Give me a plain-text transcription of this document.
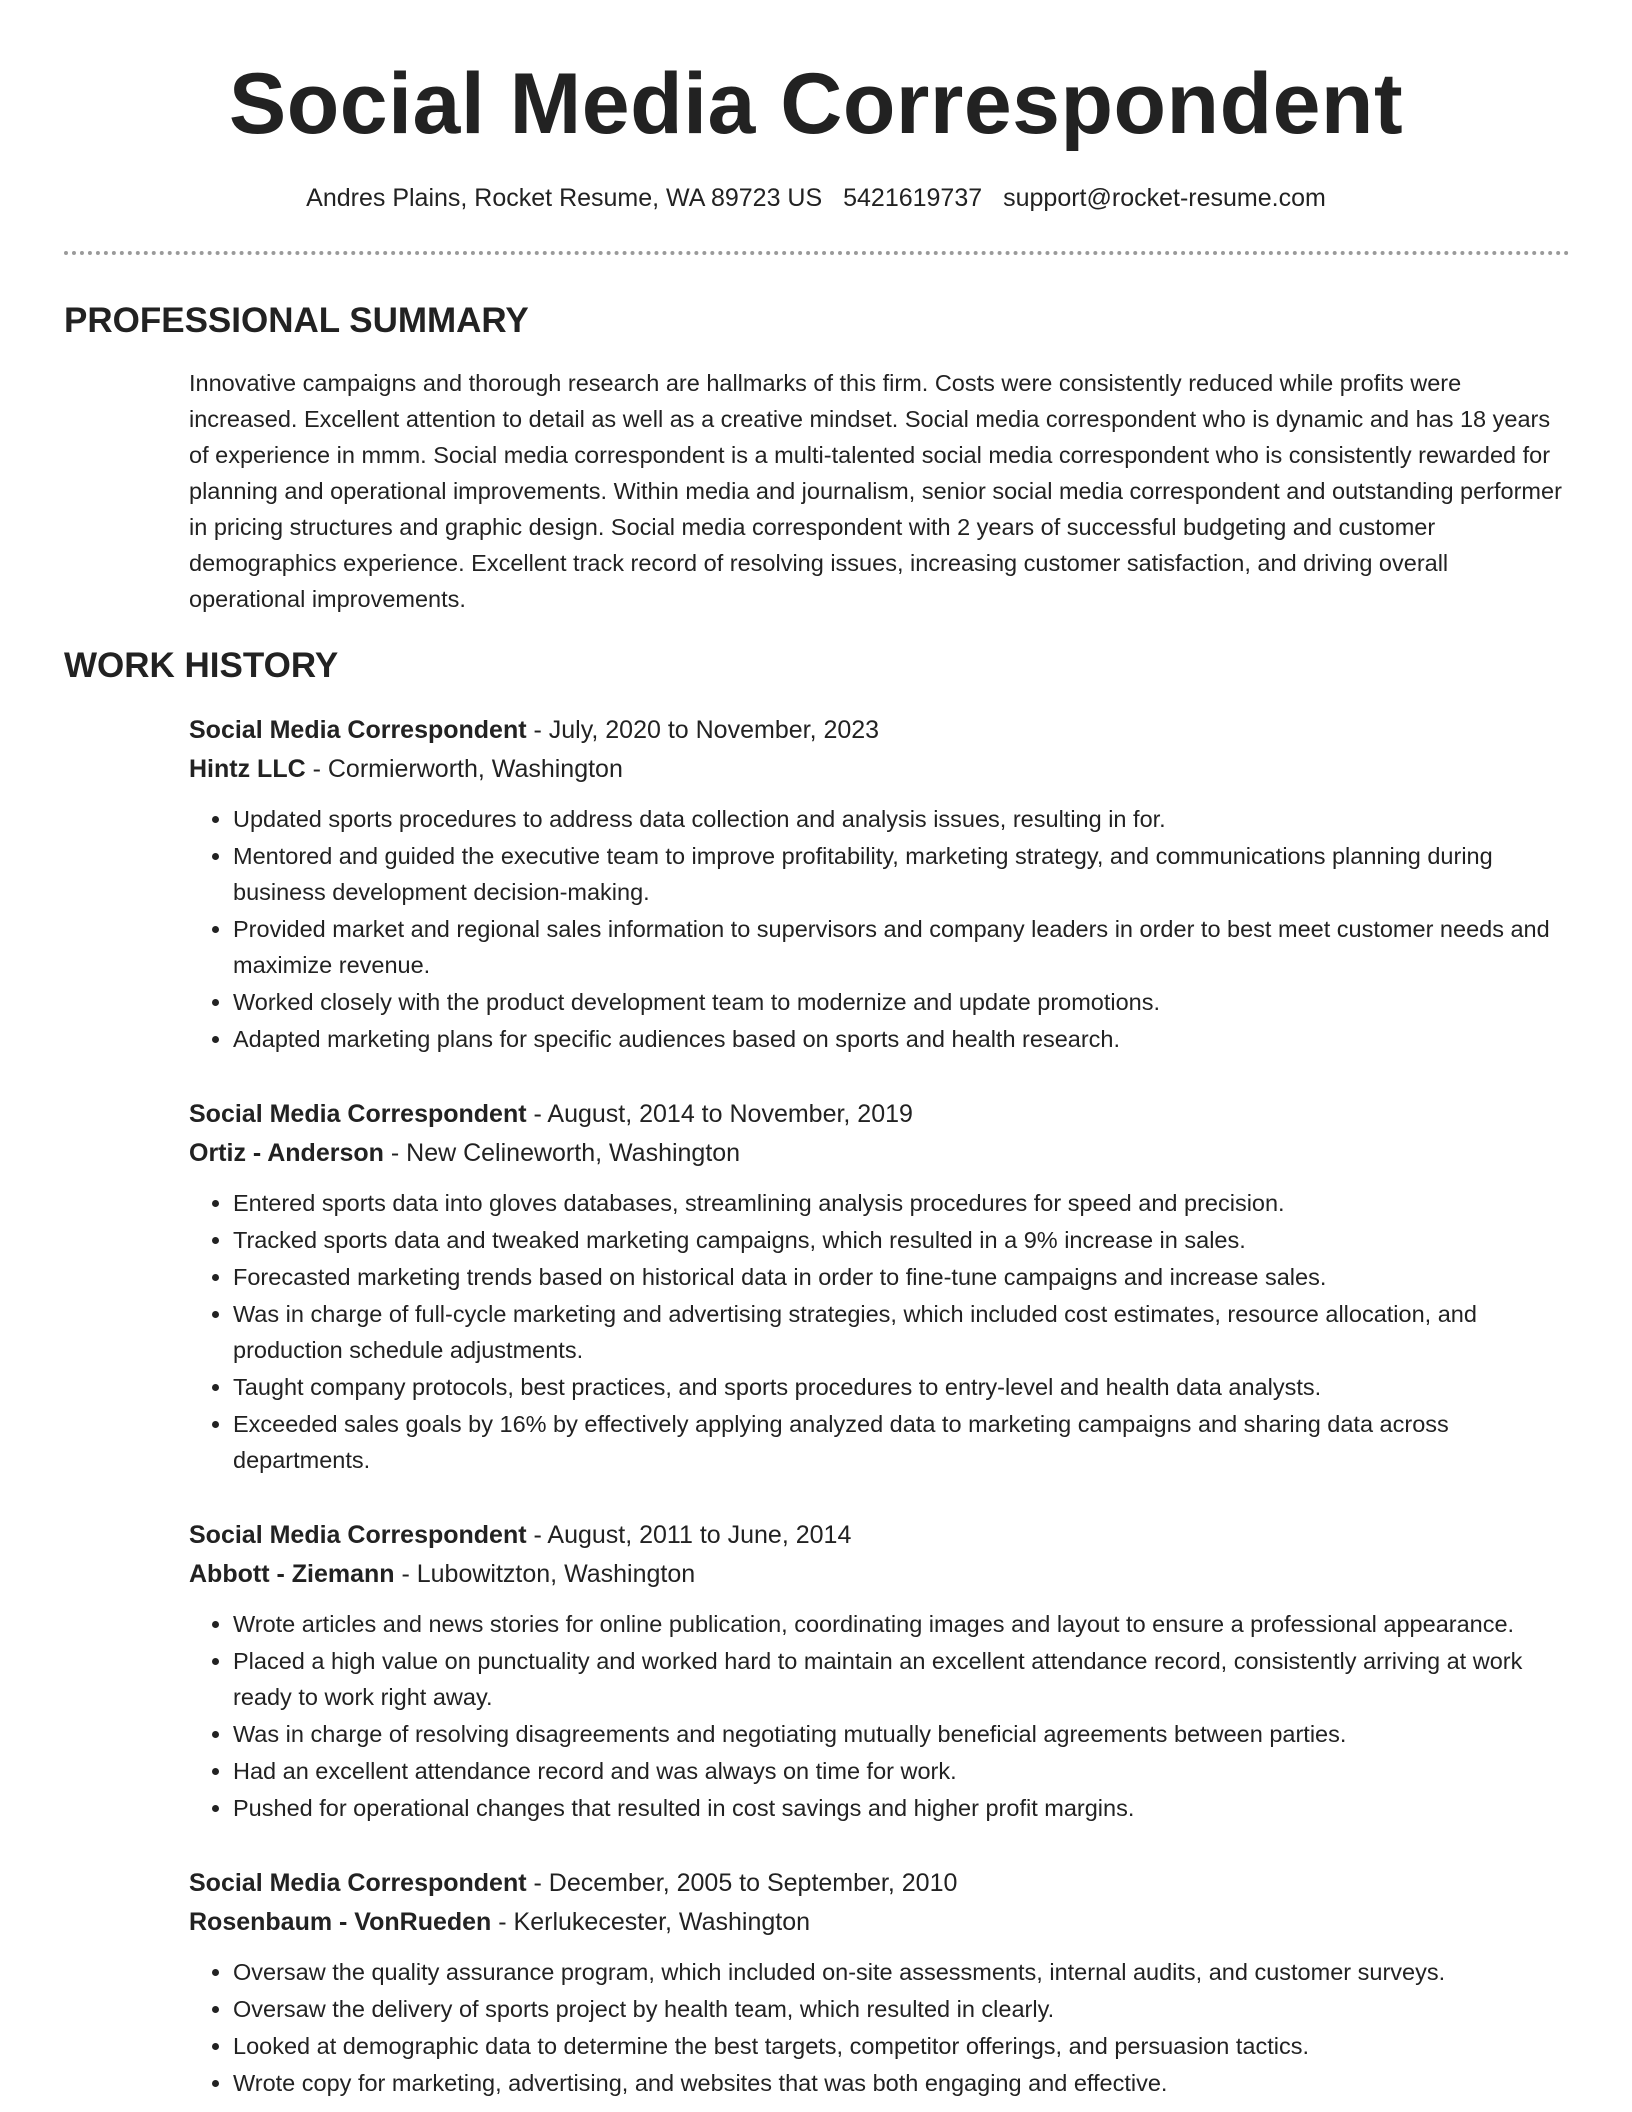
Social Media Correspondent
Andres Plains, Rocket Resume, WA 89723 US 5421619737 support@rocket-resume.com
PROFESSIONAL SUMMARY

Innovative campaigns and thorough research are hallmarks of this firm. Costs were consistently reduced while profits were increased. Excellent attention to detail as well as a creative mindset. Social media correspondent who is dynamic and has 18 years of experience in mmm. Social media correspondent is a multi-talented social media correspondent who is consistently rewarded for planning and operational improvements. Within media and journalism, senior social media correspondent and outstanding performer in pricing structures and graphic design. Social media correspondent with 2 years of successful budgeting and customer demographics experience. Excellent track record of resolving issues, increasing customer satisfaction, and driving overall operational improvements.

WORK HISTORY
Social Media Correspondent - July, 2020 to November, 2023
Hintz LLC - Cormierworth, Washington
• Updated sports procedures to address data collection and analysis issues, resulting in for.
• Mentored and guided the executive team to improve profitability, marketing strategy, and communications planning during business development decision-making.
• Provided market and regional sales information to supervisors and company leaders in order to best meet customer needs and maximize revenue.
• Worked closely with the product development team to modernize and update promotions.
• Adapted marketing plans for specific audiences based on sports and health research.
Social Media Correspondent - August, 2014 to November, 2019
Ortiz - Anderson - New Celineworth, Washington
• Entered sports data into gloves databases, streamlining analysis procedures for speed and precision.
• Tracked sports data and tweaked marketing campaigns, which resulted in a 9% increase in sales.
• Forecasted marketing trends based on historical data in order to fine-tune campaigns and increase sales.
• Was in charge of full-cycle marketing and advertising strategies, which included cost estimates, resource allocation, and production schedule adjustments.
• Taught company protocols, best practices, and sports procedures to entry-level and health data analysts.
• Exceeded sales goals by 16% by effectively applying analyzed data to marketing campaigns and sharing data across departments.
Social Media Correspondent - August, 2011 to June, 2014
Abbott - Ziemann - Lubowitzton, Washington
• Wrote articles and news stories for online publication, coordinating images and layout to ensure a professional appearance.
• Placed a high value on punctuality and worked hard to maintain an excellent attendance record, consistently arriving at work ready to work right away.
• Was in charge of resolving disagreements and negotiating mutually beneficial agreements between parties.
• Had an excellent attendance record and was always on time for work.
• Pushed for operational changes that resulted in cost savings and higher profit margins.
Social Media Correspondent - December, 2005 to September, 2010
Rosenbaum - VonRueden - Kerlukecester, Washington
• Oversaw the quality assurance program, which included on-site assessments, internal audits, and customer surveys.
• Oversaw the delivery of sports project by health team, which resulted in clearly.
• Looked at demographic data to determine the best targets, competitor offerings, and persuasion tactics.
• Wrote copy for marketing, advertising, and websites that was both engaging and effective.
